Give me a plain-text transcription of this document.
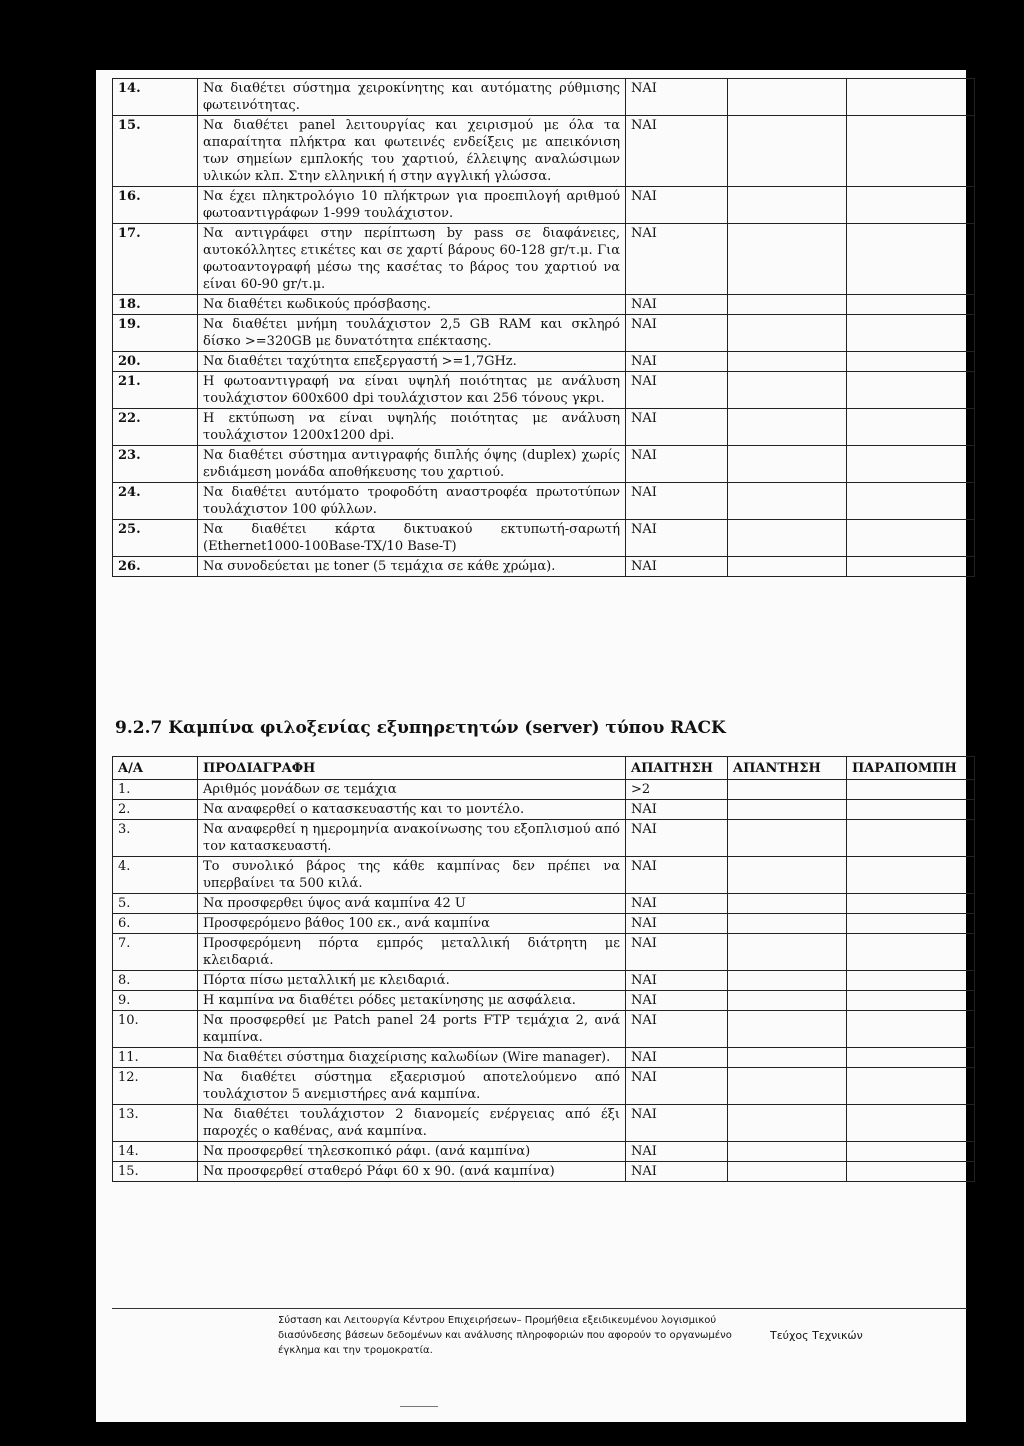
14.	Να διαθέτει σύστημα χειροκίνητης και αυτόματης ρύθμισης φωτεινότητας.	ΝΑΙ		
15.	Να διαθέτει panel λειτουργίας και χειρισμού με όλα τα απαραίτητα πλήκτρα και φωτεινές ενδείξεις με απεικόνιση των σημείων εμπλοκής του χαρτιού, έλλειψης αναλώσιμων υλικών κλπ. Στην ελληνική ή στην αγγλική γλώσσα.	ΝΑΙ		
16.	Να έχει πληκτρολόγιο 10 πλήκτρων για προεπιλογή αριθμού φωτοαντιγράφων 1-999 τουλάχιστον.	ΝΑΙ		
17.	Να αντιγράφει στην περίπτωση by pass σε διαφάνειες, αυτοκόλλητες ετικέτες και σε χαρτί βάρους 60-128 gr/τ.μ. Για φωτοαντογραφή μέσω της κασέτας το βάρος του χαρτιού να είναι 60-90 gr/τ.μ.	ΝΑΙ		
18.	Να διαθέτει κωδικούς πρόσβασης.	ΝΑΙ		
19.	Να διαθέτει μνήμη τουλάχιστον 2,5 GB RAM και σκληρό δίσκο >=320GB με δυνατότητα επέκτασης.	ΝΑΙ		
20.	Να διαθέτει ταχύτητα επεξεργαστή >=1,7GHz.	ΝΑΙ		
21.	Η φωτοαντιγραφή να είναι υψηλή ποιότητας με ανάλυση τουλάχιστον 600x600 dpi τουλάχιστον και 256 τόνους γκρι.	ΝΑΙ		
22.	Η εκτύπωση να είναι υψηλής ποιότητας με ανάλυση τουλάχιστον 1200x1200 dpi.	ΝΑΙ		
23.	Να διαθέτει σύστημα αντιγραφής διπλής όψης (duplex) χωρίς ενδιάμεση μονάδα αποθήκευσης του χαρτιού.	ΝΑΙ		
24.	Να διαθέτει αυτόματο τροφοδότη αναστροφέα πρωτοτύπων τουλάχιστον 100 φύλλων.	ΝΑΙ		
25.	Να διαθέτει κάρτα δικτυακού εκτυπωτή-σαρωτή (Ethernet1000-100Base-TX/10 Base-T)	ΝΑΙ		
26.	Να συνοδεύεται με toner (5 τεμάχια σε κάθε χρώμα).	ΝΑΙ		
9.2.7 Καμπίνα φιλοξενίας εξυπηρετητών (server) τύπου RACK
Α/Α	ΠΡΟΔΙΑΓΡΑΦΗ	ΑΠΑΙΤΗΣΗ	ΑΠΑΝΤΗΣΗ	ΠΑΡΑΠΟΜΠΗ
1.	Αριθμός μονάδων σε τεμάχια	>2		
2.	Να αναφερθεί ο κατασκευαστής και το μοντέλο.	ΝΑΙ		
3.	Να αναφερθεί η ημερομηνία ανακοίνωσης του εξοπλισμού από τον κατασκευαστή.	ΝΑΙ		
4.	Το συνολικό βάρος της κάθε καμπίνας δεν πρέπει να υπερβαίνει τα 500 κιλά.	ΝΑΙ		
5.	Να προσφερθει ύψος ανά καμπίνα 42 U	ΝΑΙ		
6.	Προσφερόμενο βάθος 100 εκ., ανά καμπίνα	ΝΑΙ		
7.	Προσφερόμενη πόρτα εμπρός μεταλλική διάτρητη με κλειδαριά.	ΝΑΙ		
8.	Πόρτα πίσω μεταλλική με κλειδαριά.	ΝΑΙ		
9.	Η καμπίνα να διαθέτει ρόδες μετακίνησης με ασφάλεια.	ΝΑΙ		
10.	Να προσφερθεί με Patch panel 24 ports FTP τεμάχια 2, ανά καμπίνα.	ΝΑΙ		
11.	Να διαθέτει σύστημα διαχείρισης καλωδίων (Wire manager).	ΝΑΙ		
12.	Να διαθέτει σύστημα εξαερισμού αποτελούμενο από τουλάχιστον 5 ανεμιστήρες ανά καμπίνα.	ΝΑΙ		
13.	Να διαθέτει τουλάχιστον 2 διανομείς ενέργειας από έξι παροχές ο καθένας, ανά καμπίνα.	ΝΑΙ		
14.	Να προσφερθεί τηλεσκοπικό ράφι. (ανά καμπίνα)	ΝΑΙ		
15.	Να προσφερθεί σταθερό Ράφι 60 x 90. (ανά καμπίνα)	ΝΑΙ		
Σύσταση και Λειτουργία Κέντρου Επιχειρήσεων– Προμήθεια εξειδικευμένου λογισμικού
διασύνδεσης βάσεων δεδομένων και ανάλυσης πληροφοριών που αφορούν το οργανωμένο
έγκλημα και την τρομοκρατία.
Τεύχος Τεχνικών
